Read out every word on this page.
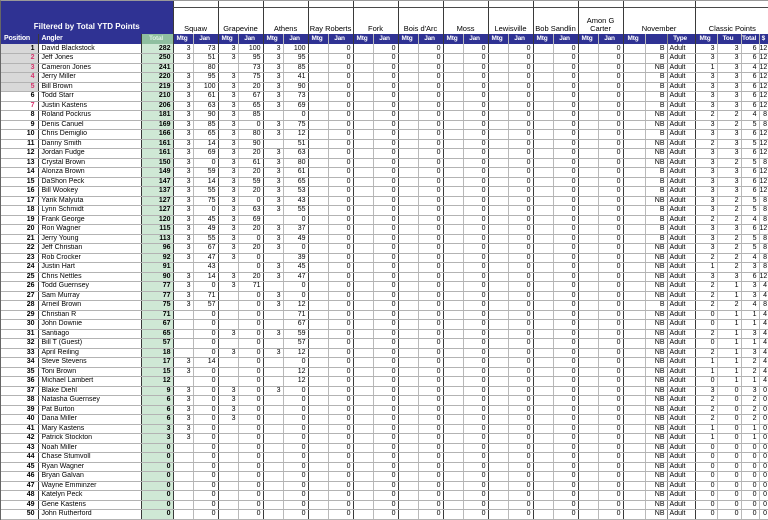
Filtered by Total YTD Points																													
			Squaw		Grapevine		Athens		Ray Roberts		Fork		Bois d'Arc		Moss		Lewisville		Bob Sandlin		Amon G Carter		November			Classic Points			
Position	Angler	Total	Mtg	Jan	Mtg	Jan	Mtg	Jan	Mtg	Jan	Mtg	Jan	Mtg	Jan	Mtg	Jan	Mtg	Jan	Mtg	Jan	Mtg	Jan	Mtg		Type	Mtg	Tou	Total	$
1	David Blackstock	282	3	73	3	100	3	100		0		0		0		0		0		0		0		B	Adult	3	3	6	12
2	Jeff Jones	250	3	51	3	95	3	95		0		0		0		0		0		0		0		B	Adult	3	3	6	12
3	Cameron Jones	241		80		73	3	85		0		0		0		0		0		0		0		NB	Adult	1	3	4	12
4	Jerry Miller	220	3	95	3	75	3	41		0		0		0		0		0		0		0		B	Adult	3	3	6	12
5	Bill Brown	219	3	100	3	20	3	90		0		0		0		0		0		0		0		B	Adult	3	3	6	12
6	Todd Starr	210	3	61	3	67	3	73		0		0		0		0		0		0		0		B	Adult	3	3	6	12
7	Justin Kastens	206	3	63	3	65	3	69		0		0		0		0		0		0		0		B	Adult	3	3	6	12
8	Roland Pockrus	181	3	90	3	85		0		0		0		0		0		0		0		0		NB	Adult	2	2	4	8
9	Denis Canuel	169	3	85	3	0	3	75		0		0		0		0		0		0		0		NB	Adult	3	2	5	8
10	Chris Demiglio	166	3	65	3	80	3	12		0		0		0		0		0		0		0		B	Adult	3	3	6	12
11	Danny Smith	161	3	14	3	90		51		0		0		0		0		0		0		0		NB	Adult	2	3	5	12
12	Jordan Fudge	161	3	69	3	20	3	63		0		0		0		0		0		0		0		NB	Adult	3	3	6	12
13	Crystal Brown	150	3	0	3	61	3	80		0		0		0		0		0		0		0		NB	Adult	3	2	5	8
14	Alonza Brown	149	3	59	3	20	3	61		0		0		0		0		0		0		0		B	Adult	3	3	6	12
15	DaShon Peck	147	3	14	3	59	3	65		0		0		0		0		0		0		0		B	Adult	3	3	6	12
16	Bill Wookey	137	3	55	3	20	3	53		0		0		0		0		0		0		0		B	Adult	3	3	6	12
17	Yarik Malyuta	127	3	75	3	0	3	43		0		0		0		0		0		0		0		NB	Adult	3	2	5	8
18	Lynn Schmidt	127	3	0	3	63	3	55		0		0		0		0		0		0		0		B	Adult	3	2	5	8
19	Frank George	120	3	45	3	69		0		0		0		0		0		0		0		0		B	Adult	2	2	4	8
20	Ron Wagner	115	3	49	3	20	3	37		0		0		0		0		0		0		0		B	Adult	3	3	6	12
21	Jerry Young	113	3	55	3	0	3	49		0		0		0		0		0		0		0		B	Adult	3	2	5	8
22	Jeff Christian	96	3	67	3	20	3	0		0		0		0		0		0		0		0		NB	Adult	3	2	5	8
23	Rob Crocker	92	3	47	3	0		39		0		0		0		0		0		0		0		NB	Adult	2	2	4	8
24	Justin Hart	91		43		0	3	45		0		0		0		0		0		0		0		NB	Adult	1	2	3	8
25	Chris Nettles	90	3	14	3	20	3	47		0		0		0		0		0		0		0		NB	Adult	3	3	6	12
26	Todd Guernsey	77	3	0	3	71		0		0		0		0		0		0		0		0		NB	Adult	2	1	3	4
27	Sam Murray	77	3	71		0	3	0		0		0		0		0		0		0		0		NB	Adult	2	1	3	4
28	Arneil Brown	75	3	57		0	3	12		0		0		0		0		0		0		0		B	Adult	2	2	4	8
29	Christian R	71		0		0		71		0		0		0		0		0		0		0		NB	Adult	0	1	1	4
30	John Downie	67		0		0		67		0		0		0		0		0		0		0		NB	Adult	0	1	1	4
31	Santiago	65		0	3	0	3	59		0		0		0		0		0		0		0		NB	Adult	2	1	3	4
32	Bill T (Guest)	57		0		0		57		0		0		0		0		0		0		0		NB	Adult	0	1	1	4
33	April Reiling	18		0	3	0	3	12		0		0		0		0		0		0		0		NB	Adult	2	1	3	4
34	Steve Stevens	17	3	14		0		0		0		0		0		0		0		0		0		NB	Adult	1	1	2	4
35	Toni Brown	15	3	0		0		12		0		0		0		0		0		0		0		NB	Adult	1	1	2	4
36	Michael Lambert	12		0		0		12		0		0		0		0		0		0		0		NB	Adult	0	1	1	4
37	Blake Diehl	9	3	0	3	0	3	0		0		0		0		0		0		0		0		NB	Adult	3	0	3	0
38	Natasha Guernsey	6	3	0	3	0		0		0		0		0		0		0		0		0		NB	Adult	2	0	2	0
39	Pat Burton	6	3	0	3	0		0		0		0		0		0		0		0		0		NB	Adult	2	0	2	0
40	Dana Miller	6	3	0	3	0		0		0		0		0		0		0		0		0		NB	Adult	2	0	2	0
41	Mary Kastens	3	3	0		0		0		0		0		0		0		0		0		0		NB	Adult	1	0	1	0
42	Patrick Stockton	3	3	0		0		0		0		0		0		0		0		0		0		NB	Adult	1	0	1	0
43	Noah Miller	0		0		0		0		0		0		0		0		0		0		0		NB	Adult	0	0	0	0
44	Chase Stumvoll	0		0		0		0		0		0		0		0		0		0		0		NB	Adult	0	0	0	0
45	Ryan Wagner	0		0		0		0		0		0		0		0		0		0		0		NB	Adult	0	0	0	0
46	Bryan Galvan	0		0		0		0		0		0		0		0		0		0		0		NB	Adult	0	0	0	0
47	Wayne Emminzer	0		0		0		0		0		0		0		0		0		0		0		NB	Adult	0	0	0	0
48	Katelyn Peck	0		0		0		0		0		0		0		0		0		0		0		NB	Adult	0	0	0	0
49	Gene Kastens	0		0		0		0		0		0		0		0		0		0		0		NB	Adult	0	0	0	0
50	John Rutherford	0		0		0		0		0		0		0		0		0		0		0		NB	Adult	0	0	0	0
